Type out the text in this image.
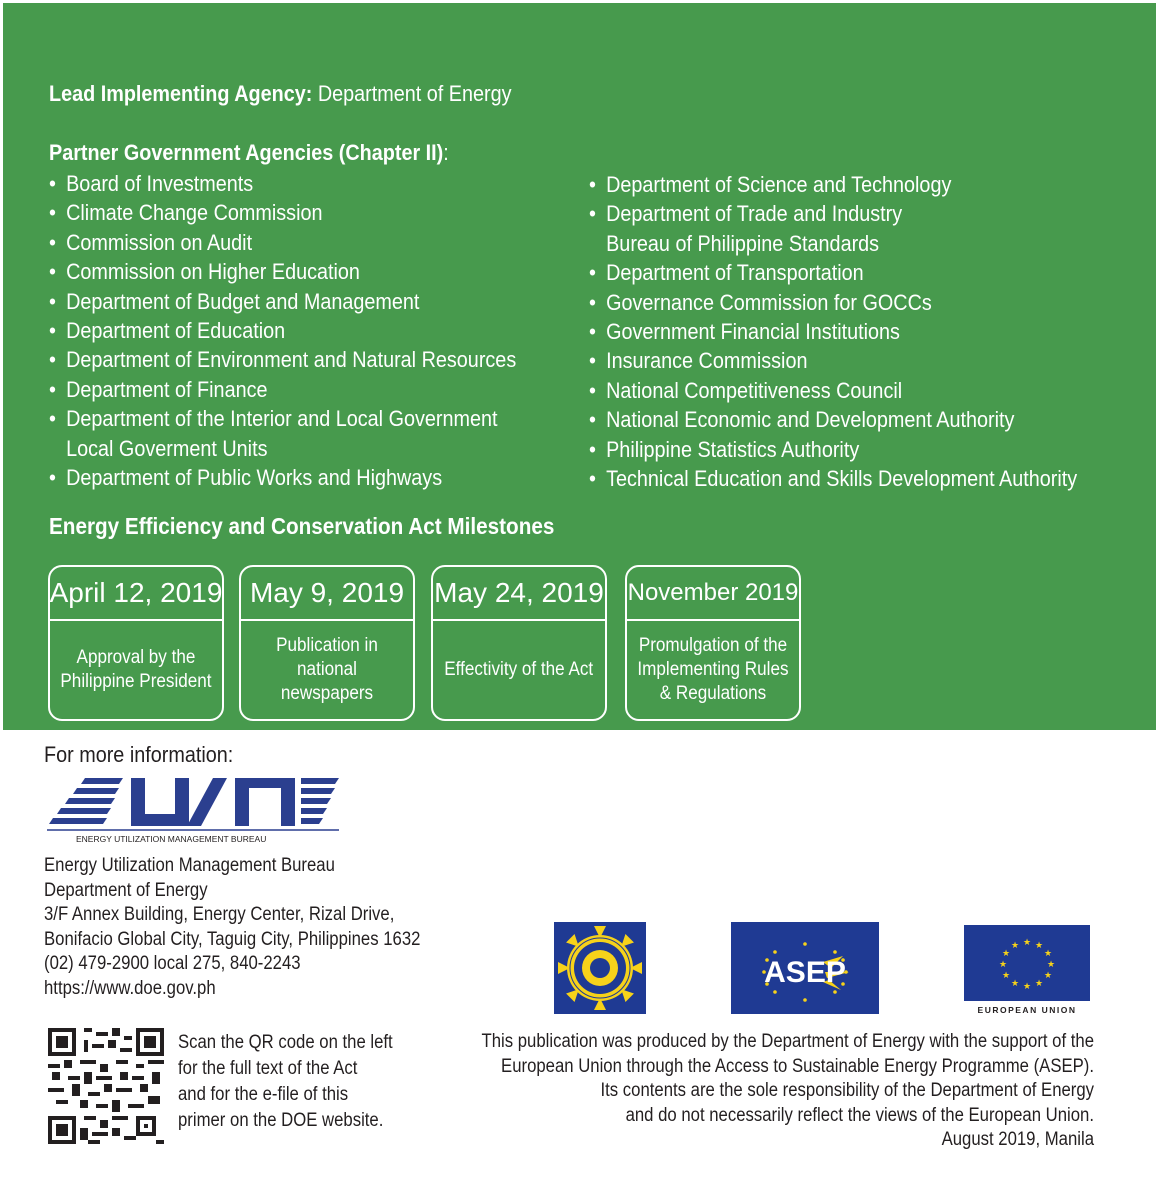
Lead Implementing Agency: Department of Energy
Partner Government Agencies (Chapter II):
• Board of Investments
• Climate Change Commission
• Commission on Audit
• Commission on Higher Education
• Department of Budget and Management
• Department of Education
• Department of Environment and Natural Resources
• Department of Finance
• Department of the Interior and Local Government
Local Goverment Units
• Department of Public Works and Highways
• Department of Science and Technology
• Department of Trade and Industry
Bureau of Philippine Standards
• Department of Transportation
• Governance Commission for GOCCs
• Government Financial Institutions
• Insurance Commission
• National Competitiveness Council
• National Economic and Development Authority
• Philippine Statistics Authority
• Technical Education and Skills Development Authority
Energy Efficiency and Conservation Act Milestones
April 12, 2019
Approval by the
Philippine President
May 9, 2019
Publication in
national newspapers
May 24, 2019
Effectivity of the Act
November 2019
Promulgation of the
Implementing Rules
& Regulations
For more information:
ENERGY UTILIZATION MANAGEMENT BUREAU
Energy Utilization Management Bureau
Department of Energy
3/F Annex Building, Energy Center, Rizal Drive,
Bonifacio Global City, Taguig City, Philippines 1632
(02) 479-2900 local 275, 840-2243
https://www.doe.gov.ph
Scan the QR code on the left
for the full text of the Act
and for the e-file of this
primer on the DOE website.
ASEP
★ ★
★
★
★
★
★
★
★
★
★
★
EUROPEAN UNION
This publication was produced by the Department of Energy with the support of the
European Union through the Access to Sustainable Energy Programme (ASEP).
Its contents are the sole responsibility of the Department of Energy
and do not necessarily reflect the views of the European Union.
August 2019, Manila
